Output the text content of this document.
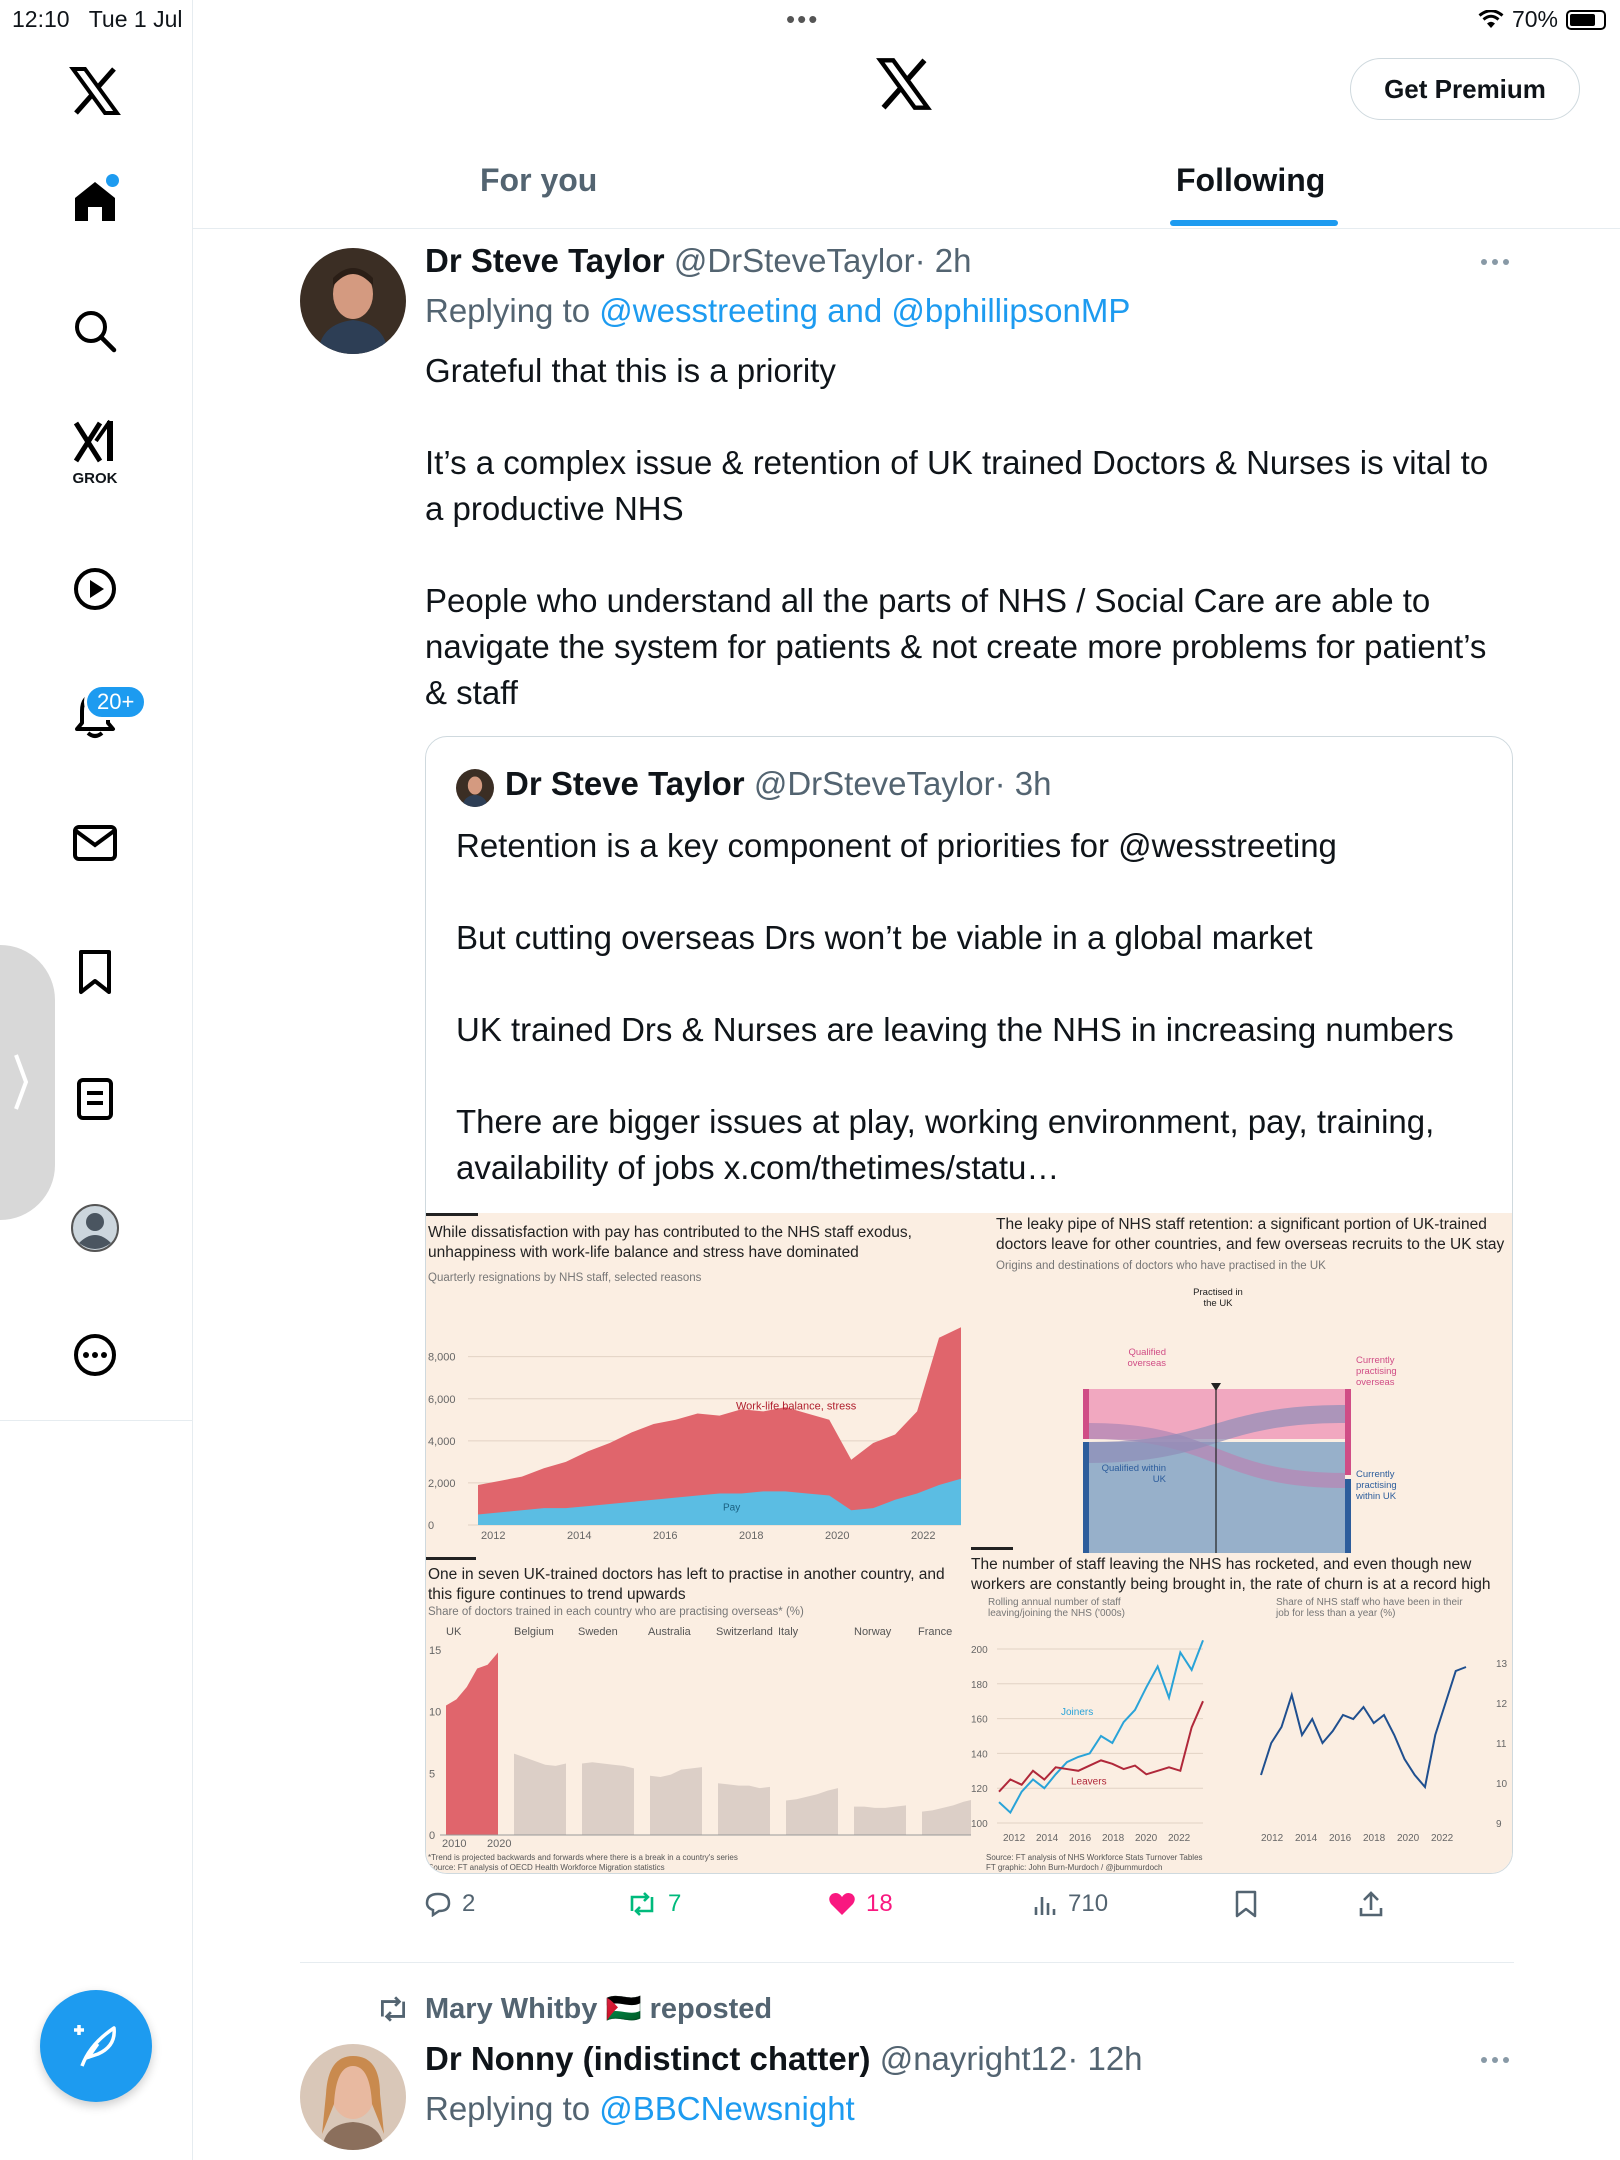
12:10 Tue 1 Jul	•••	70%
GROK
20+
Get Premium
For you	Following
Dr Steve Taylor @DrSteveTaylor· 2h
Replying to @wesstreeting and @bphillipsonMP
Grateful that this is a priority

It’s a complex issue & retention of UK trained Doctors & Nurses is vital to a productive NHS

People who understand all the parts of NHS / Social Care are able to navigate the system for patients & not create more problems for patient’s & staff
Dr Steve Taylor @DrSteveTaylor· 3h
Retention is a key component of priorities for @wesstreeting

But cutting overseas Drs won’t be viable in a global market

UK trained Drs & Nurses are leaving the NHS in increasing numbers

There are bigger issues at play, working environment, pay, training, availability of jobs x.com/thetimes/statu…
While dissatisfaction with pay has contributed to the NHS staff exodus, unhappiness with work-life balance and stress have dominated
Quarterly resignations by NHS staff, selected reasons
8,000
6,000
4,000
2,000
0
Work-life balance, stress
Pay
2012	2014	2016	2018	2020	2022
The leaky pipe of NHS staff retention: a significant portion of UK-trained doctors leave for other countries, and few overseas recruits to the UK stay
Origins and destinations of doctors who have practised in the UK
Practised in the UK
Qualified overseas
Qualified within UK
Currently practising overseas
Currently practising within UK
One in seven UK-trained doctors has left to practise in another country, and this figure continues to trend upwards
Share of doctors trained in each country who are practising overseas* (%)
15
10
5
0
UK	Belgium Sweden	Australia Switzerland Italy	Norway France
2010 2020
*Trend is projected backwards and forwards where there is a break in a country's series
Source: FT analysis of OECD Health Workforce Migration statistics
The number of staff leaving the NHS has rocketed, and even though new workers are constantly being brought in, the rate of churn is at a record high
Rolling annual number of staff leaving/joining the NHS ('000s)
Share of NHS staff who have been in their job for less than a year (%)
200
180
160
140
120
100
Joiners
Leavers
2012 2014 2016 2018 2020 2022
13
12
11
10
9
2012 2014 2016 2018 2020 2022
Source: FT analysis of NHS Workforce Stats Turnover Tables
FT graphic: John Burn-Murdoch / @jburnmurdoch
2	7	18	710
Mary Whitby 🇵🇸 reposted
Dr Nonny (indistinct chatter) @nayright12· 12h
Replying to @BBCNewsnight
